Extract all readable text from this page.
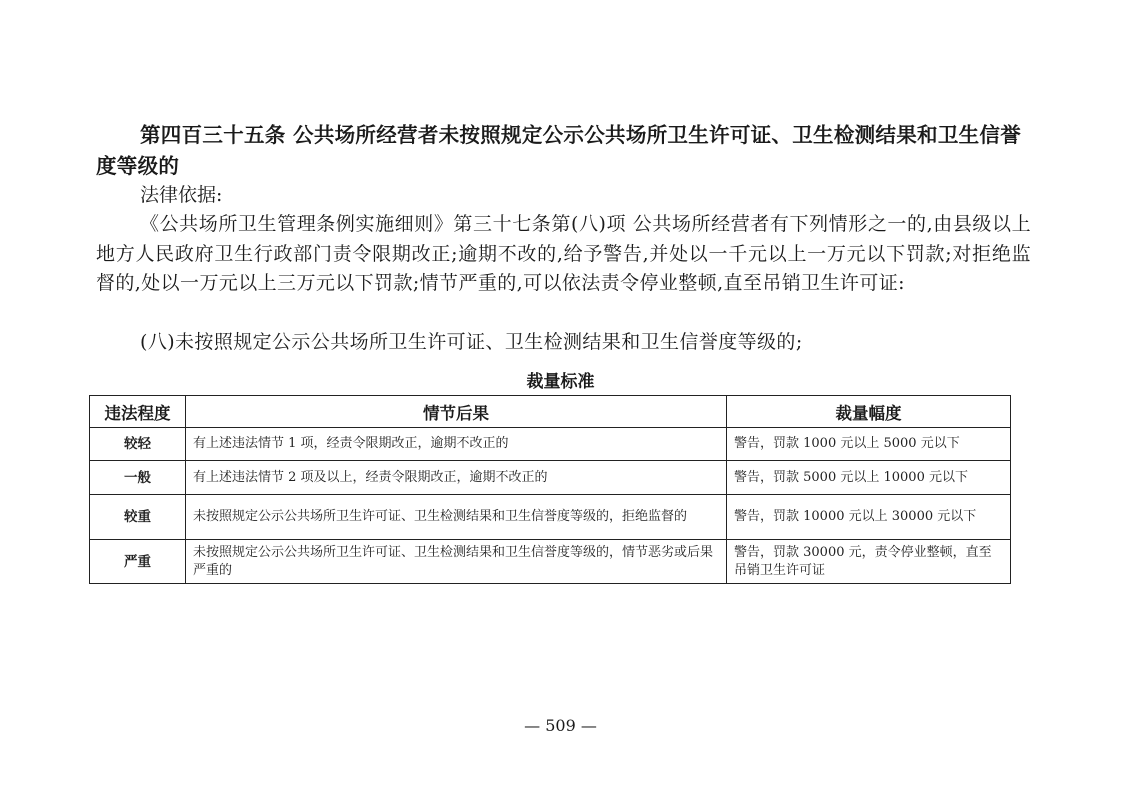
第四百三十五条 公共场所经营者未按照规定公示公共场所卫生许可证、卫生检测结果和卫生信誉度等级的
法律依据:
《公共场所卫生管理条例实施细则》第三十七条第(八)项 公共场所经营者有下列情形之一的,由县级以上地方人民政府卫生行政部门责令限期改正;逾期不改的,给予警告,并处以一千元以上一万元以下罚款;对拒绝监督的,处以一万元以上三万元以下罚款;情节严重的,可以依法责令停业整顿,直至吊销卫生许可证:
(八)未按照规定公示公共场所卫生许可证、卫生检测结果和卫生信誉度等级的;
裁量标准
违法程度	情节后果	裁量幅度
较轻	有上述违法情节 1 项，经责令限期改正，逾期不改正的	警告，罚款 1000 元以上 5000 元以下
一般	有上述违法情节 2 项及以上，经责令限期改正，逾期不改正的	警告，罚款 5000 元以上 10000 元以下
较重	未按照规定公示公共场所卫生许可证、卫生检测结果和卫生信誉度等级的，拒绝监督的	警告，罚款 10000 元以上 30000 元以下
严重	未按照规定公示公共场所卫生许可证、卫生检测结果和卫生信誉度等级的，情节恶劣或后果严重的	警告，罚款 30000 元，责令停业整顿，直至吊销卫生许可证
— 509 —
